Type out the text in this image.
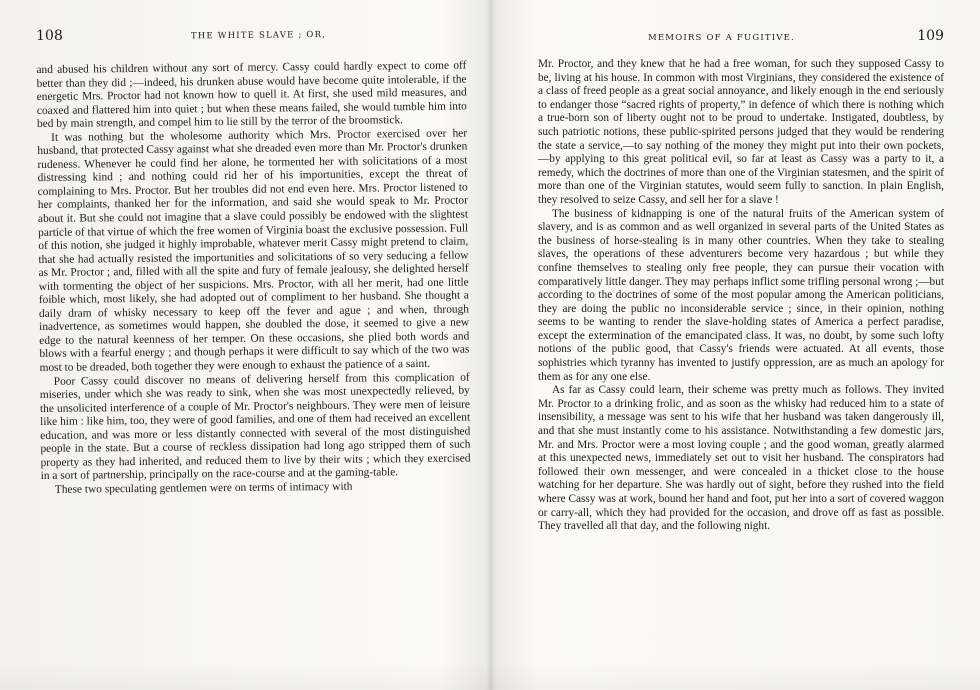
108	THE WHITE SLAVE ; OR,

and abused his children without any sort of mercy. Cassy could hardly expect to come off better than they did ;—indeed, his drunken abuse would have become quite intolerable, if the energetic Mrs. Proctor had not known how to quell it. At first, she used mild measures, and coaxed and flattered him into quiet ; but when these means failed, she would tumble him into bed by main strength, and compel him to lie still by the terror of the broomstick.

It was nothing but the wholesome authority which Mrs. Proctor exercised over her husband, that protected Cassy against what she dreaded even more than Mr. Proctor's drunken rudeness. Whenever he could find her alone, he tormented her with solicitations of a most distressing kind ; and nothing could rid her of his importunities, except the threat of complaining to Mrs. Proctor. But her troubles did not end even here. Mrs. Proctor listened to her complaints, thanked her for the information, and said she would speak to Mr. Proctor about it. But she could not imagine that a slave could possibly be endowed with the slightest particle of that virtue of which the free women of Virginia boast the exclusive possession. Full of this notion, she judged it highly improbable, whatever merit Cassy might pretend to claim, that she had actually resisted the importunities and solicitations of so very seducing a fellow as Mr. Proctor ; and, filled with all the spite and fury of female jealousy, she delighted herself with tormenting the object of her suspicions. Mrs. Proctor, with all her merit, had one little foible which, most likely, she had adopted out of compliment to her husband. She thought a daily dram of whisky necessary to keep off the fever and ague ; and when, through inadvertence, as sometimes would happen, she doubled the dose, it seemed to give a new edge to the natural keenness of her temper. On these occasions, she plied both words and blows with a fearful energy ; and though perhaps it were difficult to say which of the two was most to be dreaded, both together they were enough to exhaust the patience of a saint.

Poor Cassy could discover no means of delivering herself from this complication of miseries, under which she was ready to sink, when she was most unexpectedly relieved, by the unsolicited interference of a couple of Mr. Proctor's neighbours. They were men of leisure like him : like him, too, they were of good families, and one of them had received an excellent education, and was more or less distantly connected with several of the most distinguished people in the state. But a course of reckless dissipation had long ago stripped them of such property as they had inherited, and reduced them to live by their wits ; which they exercised in a sort of partnership, principally on the race-course and at the gaming-table.

These two speculating gentlemen were on terms of intimacy with

MEMOIRS OF A FUGITIVE.	109

Mr. Proctor, and they knew that he had a free woman, for such they supposed Cassy to be, living at his house. In common with most Virginians, they considered the existence of a class of freed people as a great social annoyance, and likely enough in the end seriously to endanger those “sacred rights of property,” in defence of which there is nothing which a true-born son of liberty ought not to be proud to undertake. Instigated, doubtless, by such patriotic notions, these public-spirited persons judged that they would be rendering the state a service,—to say nothing of the money they might put into their own pockets,—by applying to this great political evil, so far at least as Cassy was a party to it, a remedy, which the doctrines of more than one of the Virginian statesmen, and the spirit of more than one of the Virginian statutes, would seem fully to sanction. In plain English, they resolved to seize Cassy, and sell her for a slave !

The business of kidnapping is one of the natural fruits of the American system of slavery, and is as common and as well organized in several parts of the United States as the business of horse-stealing is in many other countries. When they take to stealing slaves, the operations of these adventurers become very hazardous ; but while they confine themselves to stealing only free people, they can pursue their vocation with comparatively little danger. They may perhaps inflict some trifling personal wrong ;—but according to the doctrines of some of the most popular among the American politicians, they are doing the public no inconsiderable service ; since, in their opinion, nothing seems to be wanting to render the slave-holding states of America a perfect paradise, except the extermination of the emancipated class. It was, no doubt, by some such lofty notions of the public good, that Cassy's friends were actuated. At all events, those sophistries which tyranny has invented to justify oppression, are as much an apology for them as for any one else.

As far as Cassy could learn, their scheme was pretty much as follows. They invited Mr. Proctor to a drinking frolic, and as soon as the whisky had reduced him to a state of insensibility, a message was sent to his wife that her husband was taken dangerously ill, and that she must instantly come to his assistance. Notwithstanding a few domestic jars, Mr. and Mrs. Proctor were a most loving couple ; and the good woman, greatly alarmed at this unexpected news, immediately set out to visit her husband. The conspirators had followed their own messenger, and were concealed in a thicket close to the house watching for her departure. She was hardly out of sight, before they rushed into the field where Cassy was at work, bound her hand and foot, put her into a sort of covered waggon or carry-all, which they had provided for the occasion, and drove off as fast as possible. They travelled all that day, and the following night.
